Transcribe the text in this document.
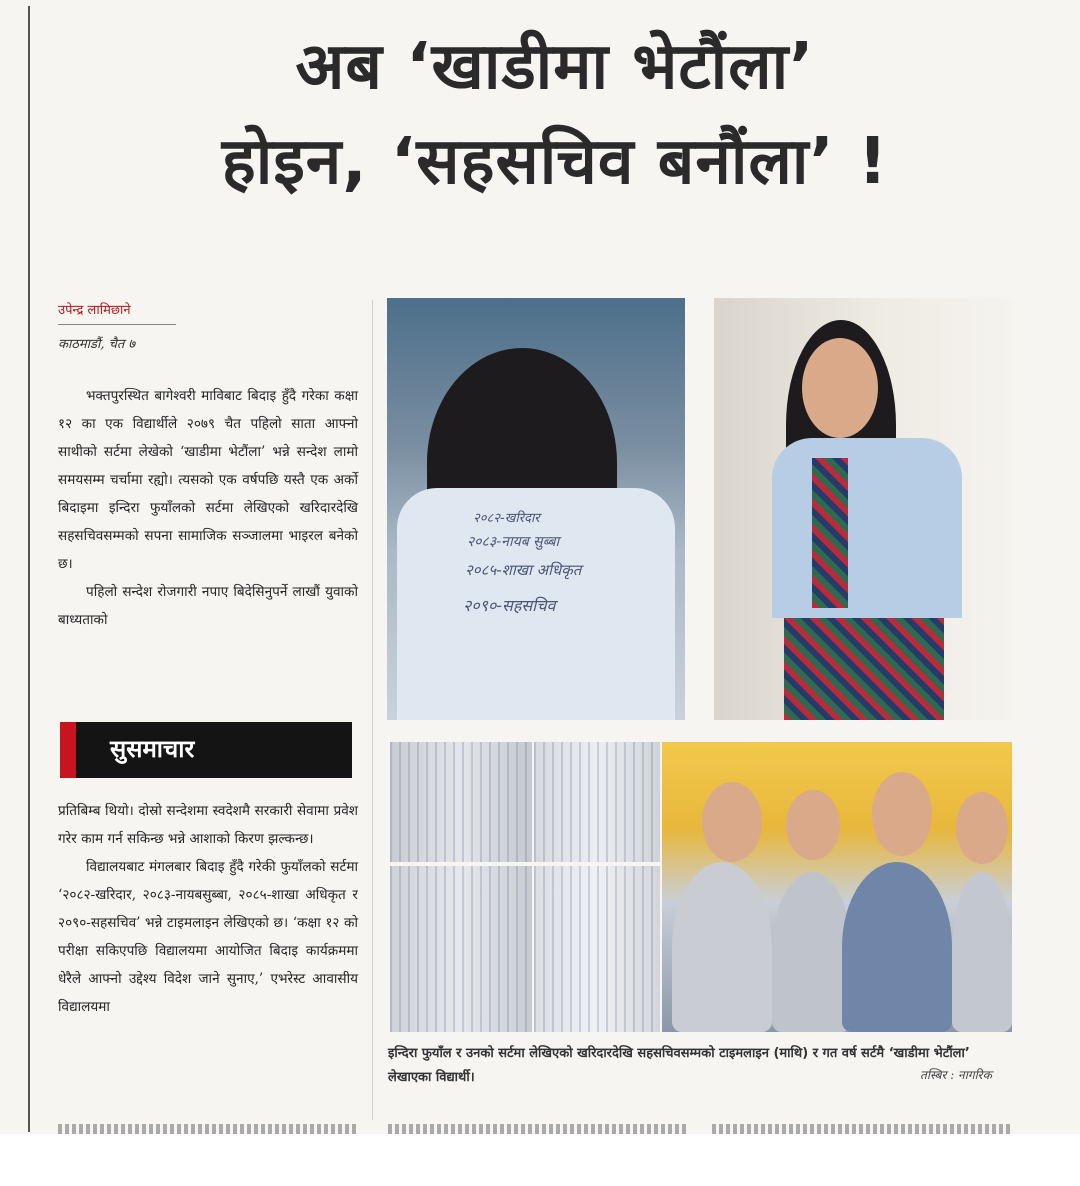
अब ‘खाडीमा भेटौंला’
होइन, ‘सहसचिव बनौंला’ !
उपेन्द्र लामिछाने
काठमाडौं, चैत ७

भक्तपुरस्थित बागेश्वरी माविबाट बिदाइ हुँदै गरेका कक्षा १२ का एक विद्यार्थीले २०७९ चैत पहिलो साता आफ्नो साथीको सर्टमा लेखेको ‘खाडीमा भेटौंला’ भन्ने सन्देश लामो समयसम्म चर्चामा रह्यो। त्यसको एक वर्षपछि यस्तै एक अर्को बिदाइमा इन्दिरा फुयाँलको सर्टमा लेखिएको खरिदारदेखि सहसचिवसम्मको सपना सामाजिक सञ्जालमा भाइरल बनेको छ।

पहिलो सन्देश रोजगारी नपाए बिदेसिनुपर्ने लाखौं युवाको बाध्यताको

सुसमाचार

प्रतिबिम्ब थियो। दोस्रो सन्देशमा स्वदेशमै सरकारी सेवामा प्रवेश गरेर काम गर्न सकिन्छ भन्ने आशाको किरण झल्कन्छ।

विद्यालयबाट मंगलबार बिदाइ हुँदै गरेकी फुयाँलको सर्टमा ‘२०८२-खरिदार, २०८३-नायबसुब्बा, २०८५-शाखा अधिकृत र २०९०-सहसचिव’ भन्ने टाइमलाइन लेखिएको छ। ‘कक्षा १२ को परीक्षा सकिएपछि विद्यालयमा आयोजित बिदाइ कार्यक्रममा धेरैले आफ्नो उद्देश्य विदेश जाने सुनाए,’ एभरेस्ट आवासीय विद्यालयमा

२०८२-खरिदार
२०८३-नायब सुब्बा
२०८५-शाखा अधिकृत
२०९०-सहसचिव
इन्दिरा फुयाँल र उनको सर्टमा लेखिएको खरिदारदेखि सहसचिवसम्मको टाइमलाइन (माथि) र गत वर्ष सर्टमै ‘खाडीमा भेटौंला’ लेखाएका विद्यार्थी।	तस्बिर : नागरिक
